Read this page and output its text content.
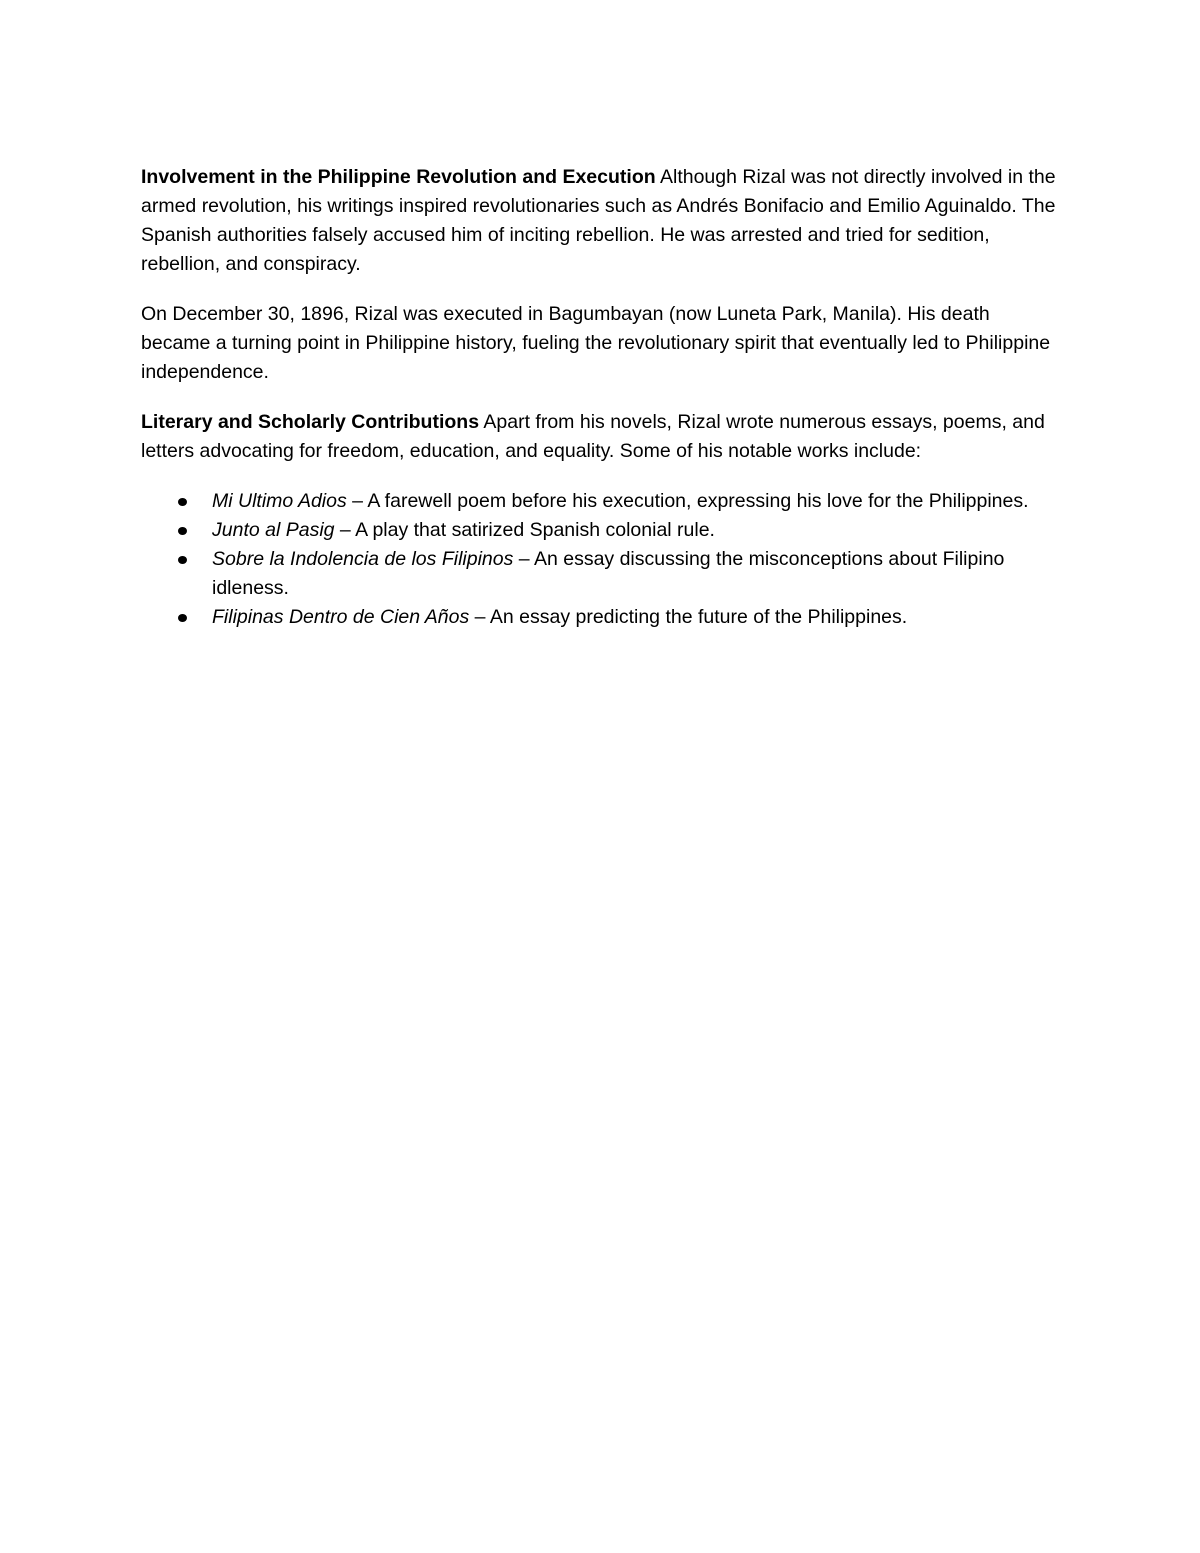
Involvement in the Philippine Revolution and Execution Although Rizal was not directly involved in the armed revolution, his writings inspired revolutionaries such as Andrés Bonifacio and Emilio Aguinaldo. The Spanish authorities falsely accused him of inciting rebellion. He was arrested and tried for sedition, rebellion, and conspiracy.

On December 30, 1896, Rizal was executed in Bagumbayan (now Luneta Park, Manila). His death became a turning point in Philippine history, fueling the revolutionary spirit that eventually led to Philippine independence.

Literary and Scholarly Contributions Apart from his novels, Rizal wrote numerous essays, poems, and letters advocating for freedom, education, and equality. Some of his notable works include:

Mi Ultimo Adios – A farewell poem before his execution, expressing his love for the Philippines.
Junto al Pasig – A play that satirized Spanish colonial rule.
Sobre la Indolencia de los Filipinos – An essay discussing the misconceptions about Filipino idleness.
Filipinas Dentro de Cien Años – An essay predicting the future of the Philippines.
